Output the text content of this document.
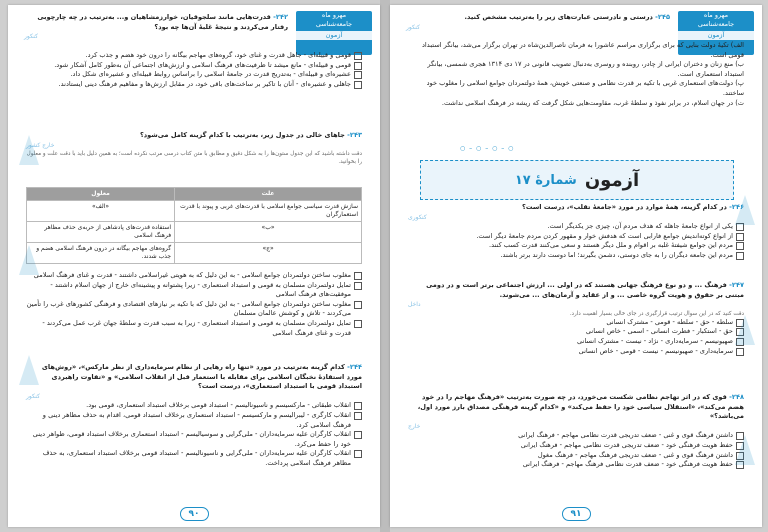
مهرو ماه
جامعه‌شناسی
آزمون
۲۴۲- قدرت‌هایی مانند سلجوقیان، خوارزمشاهیان و... به‌ترتیب در چه چارچوبی رفتار می‌کردند و نتیجهٔ غلبهٔ آن‌ها چه بود؟
کنکور
قومی و قبیله‌ای - جاهل قدرت و غنای خود، گروه‌های مهاجم بیگانه را درون خود هضم و جذب کرد.
قومی و قبیله‌ای - مانع میشد تا ظرفیت‌های فرهنگ اسلامی و ارزش‌های اجتماعی آن به‌طور کامل آشکار شود.
عشیره‌ای و قبیله‌ای - به‌تدریج قدرت در جامعهٔ اسلامی را براساس روابط قبیله‌ای و عشیره‌ای شکل داد.
جاهلی و عشیره‌ای - آنان با تاکیر بر ساخت‌های باقی خود، در مقابل ارزش‌ها و مفاهیم فرهنگ دینی ایستادند.
۲۴۳- جاهای خالی در جدول زیر، به‌ترتیب با کدام گزینه کامل می‌شود؟
خارج کشور
دقت داشته باشید که این جدول ستون‌ها را به شکل دقیق و مطابق با متن کتاب درسی مرتب نکرده است؛ به همین دلیل باید با دقت علت و معلول را بخوانید.
علت	معلول
سازش قدرت سیاسی جوامع اسلامی با قدرت‌های غربی و پیوند با قدرت استعمارگران	«الف»
«ب»	استفاده قدرت‌های پادشاهی از حربه‌ی حذف مظاهر فرهنگ اسلامی
«ج»	گروه‌های مهاجم بیگانه در درون فرهنگ اسلامی هضم و جذب شدند.
مغلوب ساختن دولتمردان جوامع اسلامی - به این دلیل که به هویتی غیراسلامی داشتند - قدرت و غنای فرهنگ اسلامی
تمایل دولتمردان مسلمان به قومی و استبداد استعماری - زیرا پشتوانه و پیشینه‌ای خارج از جهان اسلام داشتند - موفقیت‌های فرهنگ اسلامی
مغلوب ساختن دولتمردان جوامع اسلامی - به این دلیل که با تکیه بر نیازهای اقتصادی و فرهنگی کشورهای غرب را تأمین می‌کردند - تلاش و کوشش عالمان مسلمان
تمایل دولتمردان مسلمان به قومی و استبداد استعماری - زیرا به سبب قدرت و سلطهٔ جهان غرب عمل می‌کردند - قدرت و غنای فرهنگ اسلامی
۲۴۴- کدام گزینه به‌ترتیب در مورد «تنها راه رهایی از نظام سرمایه‌داری از نظر مارکس»، «روش‌های مورد استفادهٔ نخبگان اسلامی برای مقابله با استعمار قبل از انقلاب اسلامی» و «تفاوت راهبردی استبداد قومی با استبداد استعماری»، درست است؟
کنکور
انقلاب طبقاتی - مارکسیسم و ناسیونالیسم - استبداد قومی برخلاف استبداد استعماری، قومی بود.
انقلاب کارگری - لیبرالیسم و مارکسیسم - استبداد استعماری برخلاف استبداد قومی، اقدام به حذف مظاهر دینی و فرهنگ اسلامی کرد.
انقلاب کارگران علیه سرمایه‌داران - ملی‌گرایی و سوسیالیسم - استبداد استعماری برخلاف استبداد قومی، ظواهر دینی خود را حفظ می‌کرد.
انقلاب کارگران علیه سرمایه‌داران - ملی‌گرایی و ناسیونالیسم - استبداد قومی برخلاف استبداد استعماری، به حذف مظاهر فرهنگ اسلامی پرداخت.
۹۰
مهرو ماه
جامعه‌شناسی
آزمون
۲۴۵- درستی و نادرستی عبارت‌های زیر را به‌ترتیب مشخص کنید.
کنکور
الف) تکیهٔ دولت بنایی که برای برگزاری مراسم عاشورا به فرمان ناصرالدین‌شاه در تهران برگزار می‌شد، بیانگر استبداد قومی است.
ب) منع زنان و دختران ایرانی از چادر، روبنده و روسری به‌دنبال تصویب قانونی در ۱۷ دی ۱۳۱۴ هجری شمسی، بیانگر استبداد استعماری است.
پ) دولت‌های استعماری غربی با تکیه بر قدرت نظامی و صنعتی خویش، همهٔ دولتمردان جوامع اسلامی را مغلوب خود ساختند.
ت) در جهان اسلام، در برابر نفوذ و سلطهٔ غرب، مقاومت‌هایی شکل گرفت که ریشه در فرهنگ اسلامی نداشت.
○ – ○ – ○ – ○
آزمون
شمارهٔ ۱۷
۲۴۶- در کدام گزینه، همهٔ موارد در مورد «جامعهٔ تقلب»، درست است؟
کنکوری
یکی از انواع جامعهٔ جاهله که هدف مردم آن، چیزی جز یکدیگر است.
از انواع کوته‌اندیش جوامع فارابی است که هدفش خوار و مقهور کردن مردم جامعهٔ دیگر است.
مردم این جوامع شیفتهٔ غلبه بر اقوام و ملل دیگر هستند و سعی می‌کنند قدرت کسب کنند.
مردم این جامعه دیگران را به جای دوستی، دشمن بگیرند؛ اما دوست دارند برتر باشند.
۲۴۷- فرهنگ ... و دو نوع فرهنگ جهانی هستند که در اولی ... ارزش اجتماعی برتر است و در دومی مبتنی بر حقوق و هویت گروه خاصی ... و از عقاید و آرمان‌های ... می‌شوند.
داخل
دقت کنید که در این سوال ترتیب قرارگیری در جای خالی بسیار اهمیت دارد.
سلطه - حق - سلطه - قومی - مشترک انسانی
حق - استکبار - فطرت انسانی - اسمی - خاص انسانی
صهیونیسم - سرمایه‌داری - نژاد - نیست - مشترک انسانی
سرمایه‌داری - صهیونیسم - نیست - قومی - خاص انسانی
۲۴۸- قوی که در اثر تهاجم نظامی شکست می‌خورد، در چه صورت به‌ترتیب «فرهنگ مهاجم را در خود هضم می‌کند»، «استقلال سیاسی خود را حفظ می‌کند» و «کدام گزینه فرهنگی مصداق بارز مورد اول، می‌باشد؟»
خارج
داشتن فرهنگ قوی و غنی - ضعف تدریجی قدرت نظامی مهاجم - فرهنگ ایرانی
حفظ هویت فرهنگی خود - ضعف تدریجی قدرت نظامی مهاجم - فرهنگ ایرانی
داشتن فرهنگ قوی و غنی - ضعف تدریجی فرهنگ مهاجم - فرهنگ مغول
حفظ هویت فرهنگی خود - ضعف قدرت نظامی فرهنگ مهاجم - فرهنگ ایرانی
۹۱
